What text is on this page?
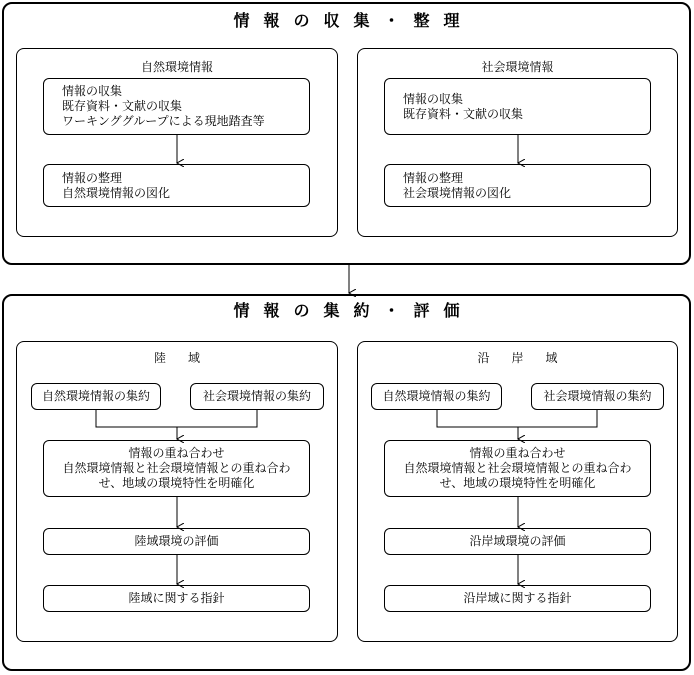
情報の収集・整理
自然環境情報
情報の収集
既存資料・文献の収集
ワーキンググループによる現地踏査等
情報の整理
自然環境情報の図化
社会環境情報
情報の収集
既存資料・文献の収集
情報の整理
社会環境情報の図化
情報の集約・評価
陸域
自然環境情報の集約	社会環境情報の集約
情報の重ね合わせ
自然環境情報と社会環境情報との重ね合わ
せ、地域の環境特性を明確化
陸域環境の評価
陸域に関する指針
沿岸域
自然環境情報の集約	社会環境情報の集約
情報の重ね合わせ
自然環境情報と社会環境情報との重ね合わ
せ、地域の環境特性を明確化
沿岸域環境の評価
沿岸域に関する指針
